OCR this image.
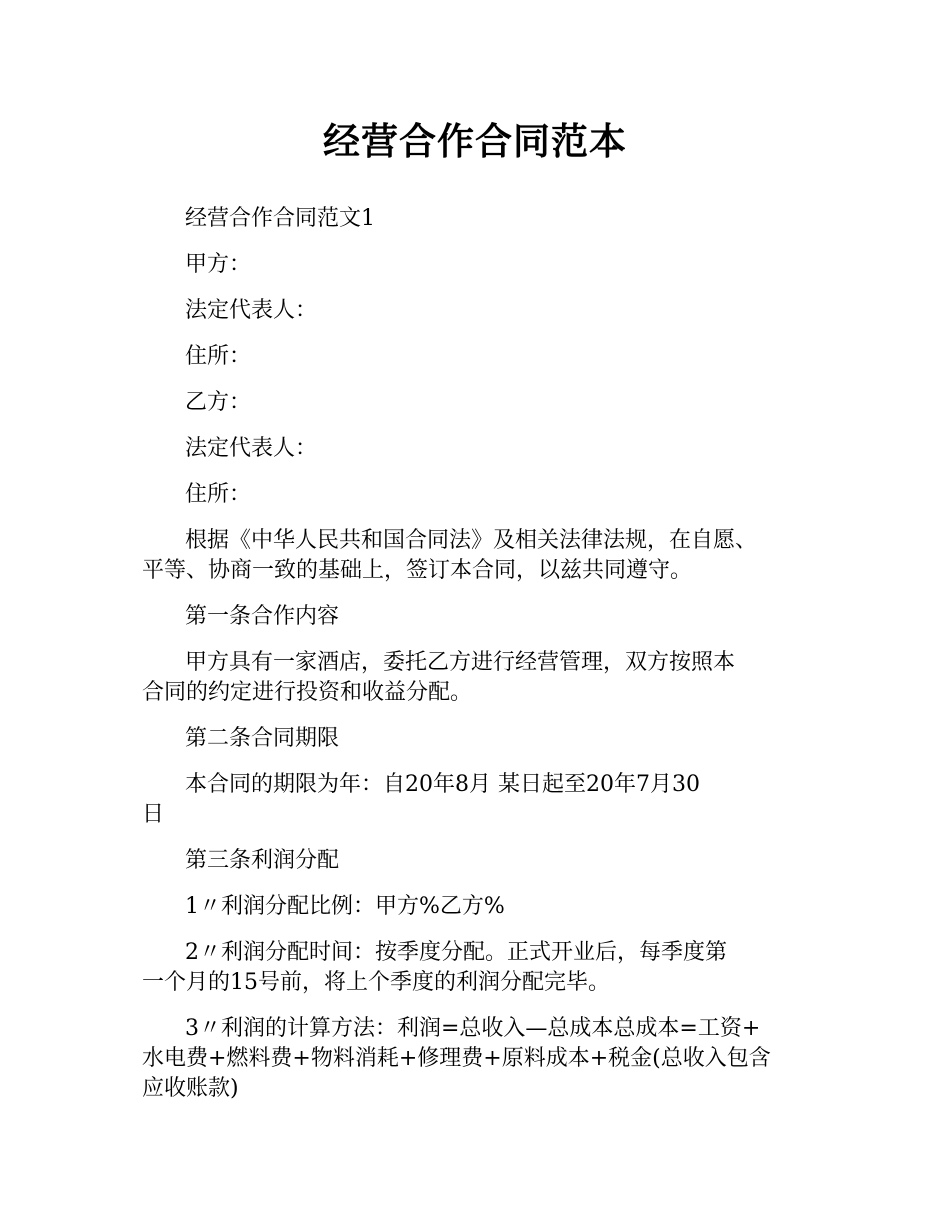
经营合作合同范本

经营合作合同范文1

甲方：

法定代表人：

住所：

乙方：

法定代表人：

住所：

根据《中华人民共和国合同法》及相关法律法规，在自愿、
平等、协商一致的基础上，签订本合同，以兹共同遵守。

第一条合作内容

甲方具有一家酒店，委托乙方进行经营管理，双方按照本
合同的约定进行投资和收益分配。

第二条合同期限

本合同的期限为年：自20年8月 某日起至20年7月30
日

第三条利润分配

1〃利润分配比例：甲方%乙方%

2〃利润分配时间：按季度分配。正式开业后，每季度第
一个月的15号前，将上个季度的利润分配完毕。
3〃利润的计算方法：利润=总收入—总成本总成本=工资+
水电费+燃料费+物料消耗+修理费+原料成本+税金(总收入包含
应收账款)
